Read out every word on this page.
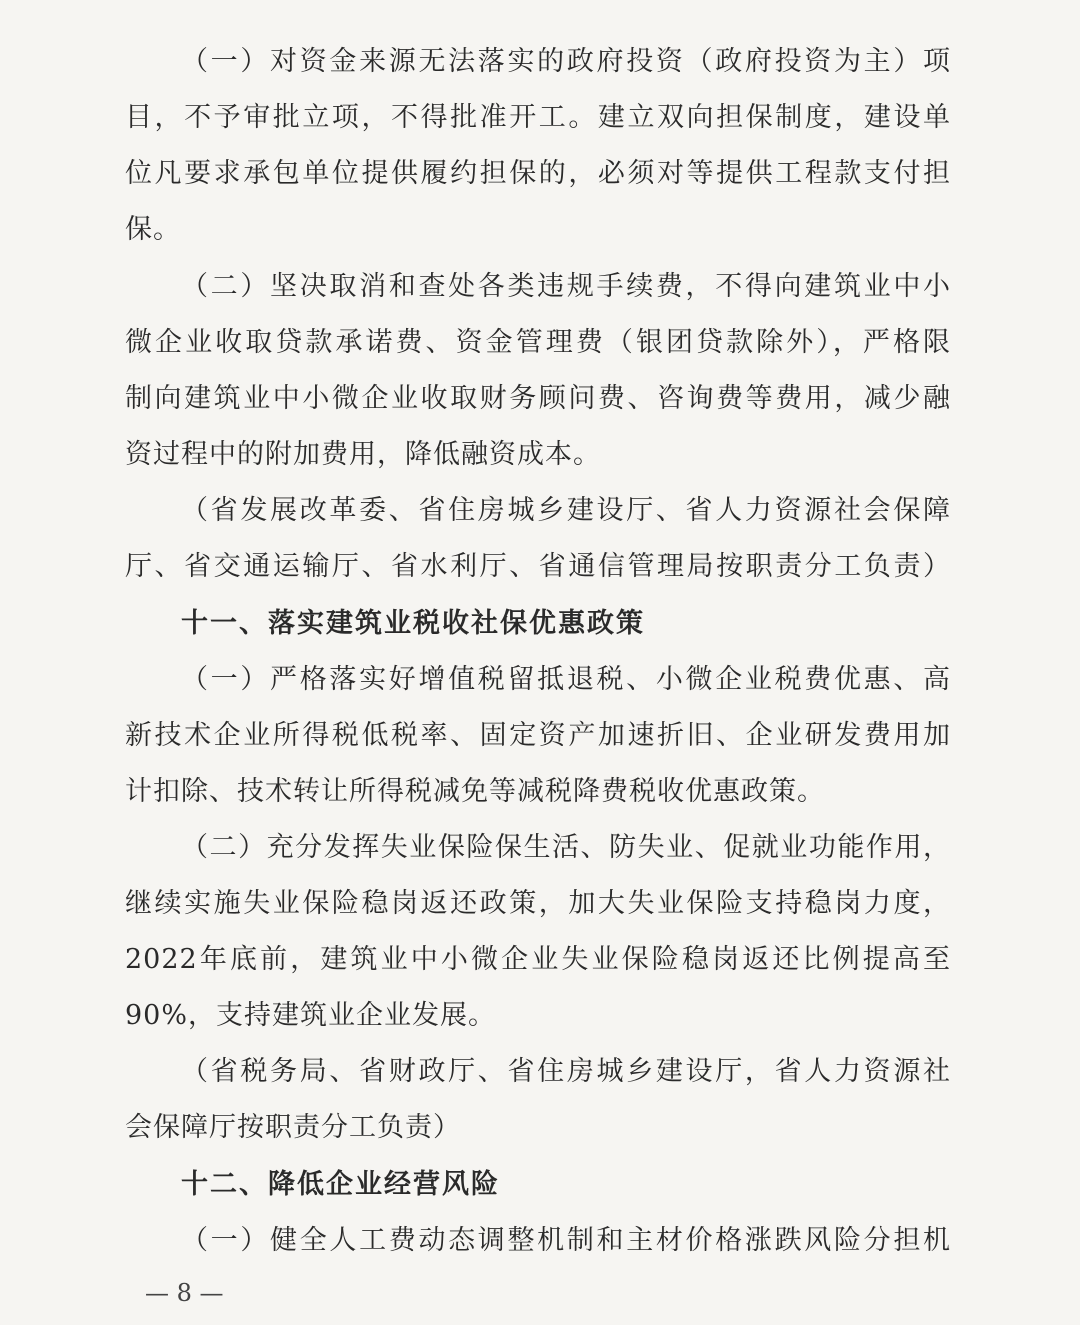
（一）对资金来源无法落实的政府投资（政府投资为主）项
目，不予审批立项，不得批准开工。建立双向担保制度，建设单
位凡要求承包单位提供履约担保的，必须对等提供工程款支付担
保。
（二）坚决取消和查处各类违规手续费，不得向建筑业中小
微企业收取贷款承诺费、资金管理费（银团贷款除外），严格限
制向建筑业中小微企业收取财务顾问费、咨询费等费用，减少融
资过程中的附加费用，降低融资成本。
（省发展改革委、省住房城乡建设厅、省人力资源社会保障
厅、省交通运输厅、省水利厅、省通信管理局按职责分工负责）
十一、落实建筑业税收社保优惠政策
（一）严格落实好增值税留抵退税、小微企业税费优惠、高
新技术企业所得税低税率、固定资产加速折旧、企业研发费用加
计扣除、技术转让所得税减免等减税降费税收优惠政策。
（二）充分发挥失业保险保生活、防失业、促就业功能作用，
继续实施失业保险稳岗返还政策，加大失业保险支持稳岗力度，
2022年底前，建筑业中小微企业失业保险稳岗返还比例提高至
90%，支持建筑业企业发展。
（省税务局、省财政厅、省住房城乡建设厅，省人力资源社
会保障厅按职责分工负责）
十二、降低企业经营风险
（一）健全人工费动态调整机制和主材价格涨跌风险分担机
— 8 —
